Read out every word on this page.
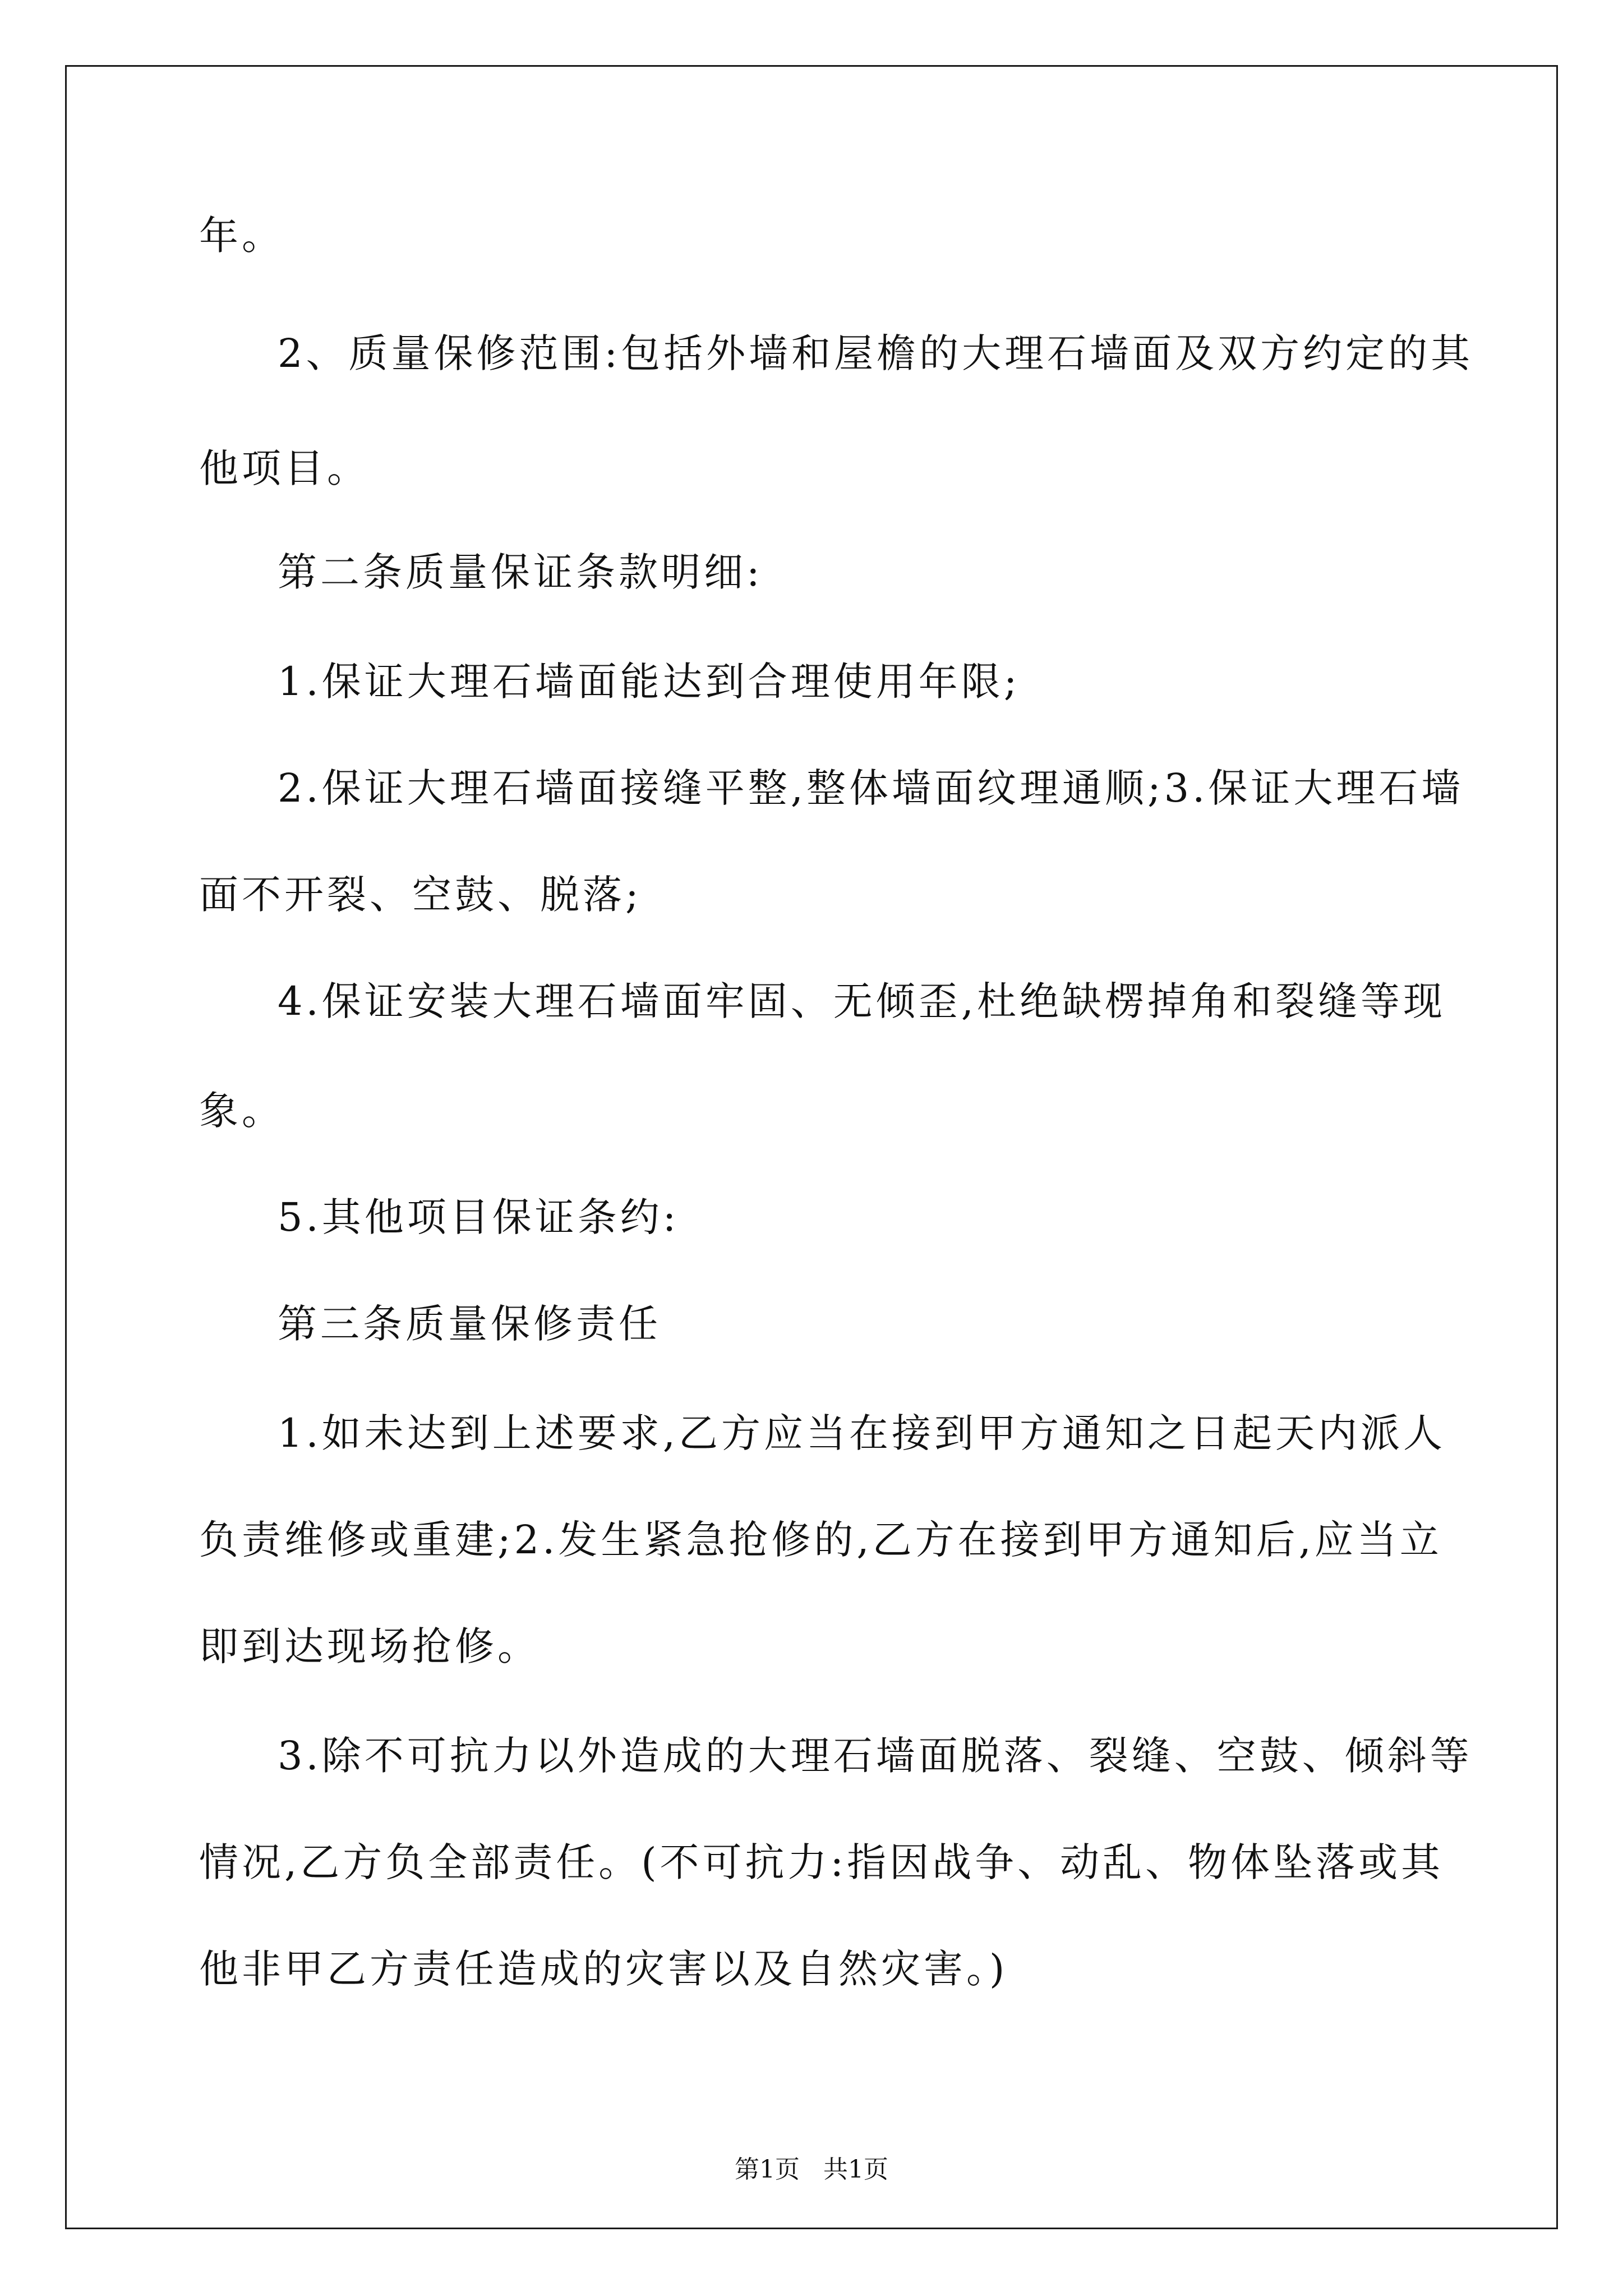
年。
2、质量保修范围:包括外墙和屋檐的大理石墙面及双方约定的其
他项目。
第二条质量保证条款明细:
1.保证大理石墙面能达到合理使用年限;
2.保证大理石墙面接缝平整,整体墙面纹理通顺;3.保证大理石墙
面不开裂、空鼓、脱落;
4.保证安装大理石墙面牢固、无倾歪,杜绝缺楞掉角和裂缝等现
象。
5.其他项目保证条约:
第三条质量保修责任
1.如未达到上述要求,乙方应当在接到甲方通知之日起天内派人
负责维修或重建;2.发生紧急抢修的,乙方在接到甲方通知后,应当立
即到达现场抢修。
3.除不可抗力以外造成的大理石墙面脱落、裂缝、空鼓、倾斜等
情况,乙方负全部责任。(不可抗力:指因战争、动乱、物体坠落或其
他非甲乙方责任造成的灾害以及自然灾害。)
第1页   共1页
